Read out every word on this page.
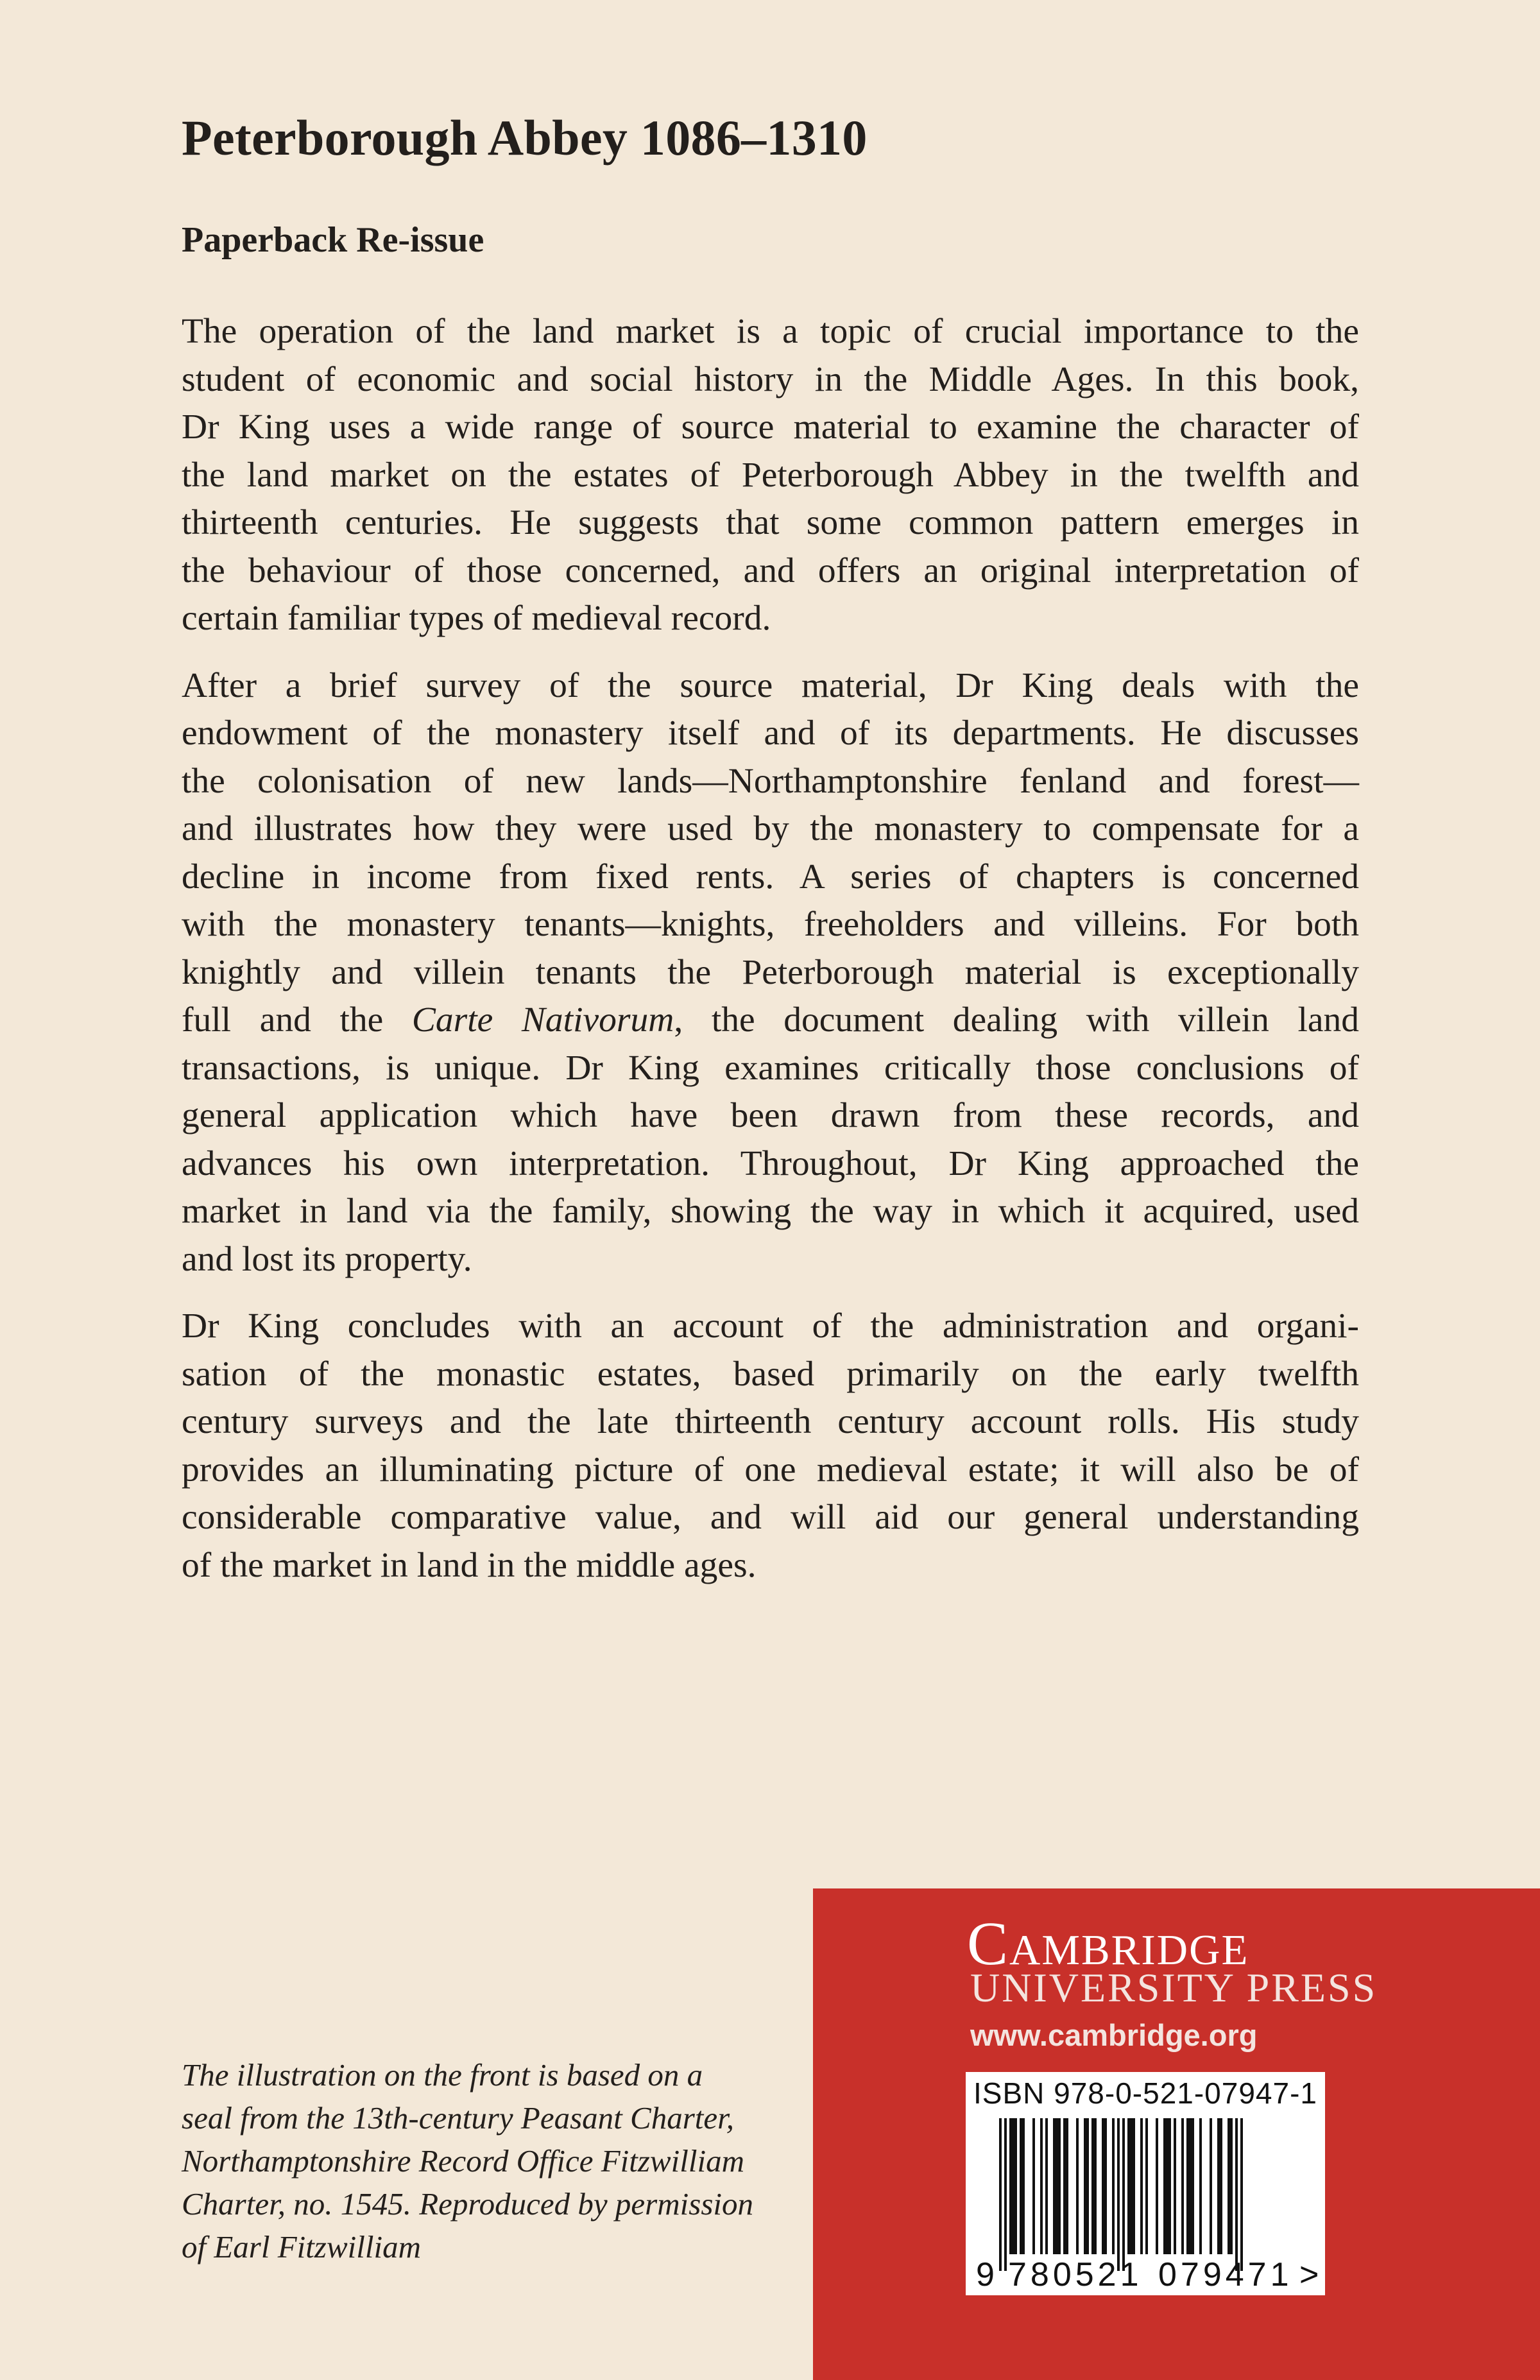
Peterborough Abbey 1086–1310
Paperback Re-issue

The operation of the land market is a topic of crucial importance to the
student of economic and social history in the Middle Ages. In this book,
Dr King uses a wide range of source material to examine the character of
the land market on the estates of Peterborough Abbey in the twelfth and
thirteenth centuries. He suggests that some common pattern emerges in
the behaviour of those concerned, and offers an original interpretation of
certain familiar types of medieval record.

After a brief survey of the source material, Dr King deals with the
endowment of the monastery itself and of its departments. He discusses
the colonisation of new lands—Northamptonshire fenland and forest—
and illustrates how they were used by the monastery to compensate for a
decline in income from fixed rents. A series of chapters is concerned
with the monastery tenants—knights, freeholders and villeins. For both
knightly and villein tenants the Peterborough material is exceptionally
full and the Carte Nativorum, the document dealing with villein land
transactions, is unique. Dr King examines critically those conclusions of
general application which have been drawn from these records, and
advances his own interpretation. Throughout, Dr King approached the
market in land via the family, showing the way in which it acquired, used
and lost its property.

Dr King concludes with an account of the administration and organi-
sation of the monastic estates, based primarily on the early twelfth
century surveys and the late thirteenth century account rolls. His study
provides an illuminating picture of one medieval estate; it will also be of
considerable comparative value, and will aid our general understanding
of the market in land in the middle ages.

The illustration on the front is based on a
seal from the 13th-century Peasant Charter,
Northamptonshire Record Office Fitzwilliam
Charter, no. 1545. Reproduced by permission
of Earl Fitzwilliam
Cambridge
UNIVERSITY PRESS
www.cambridge.org
ISBN 978-0-521-07947-1
9 780521 079471 >
